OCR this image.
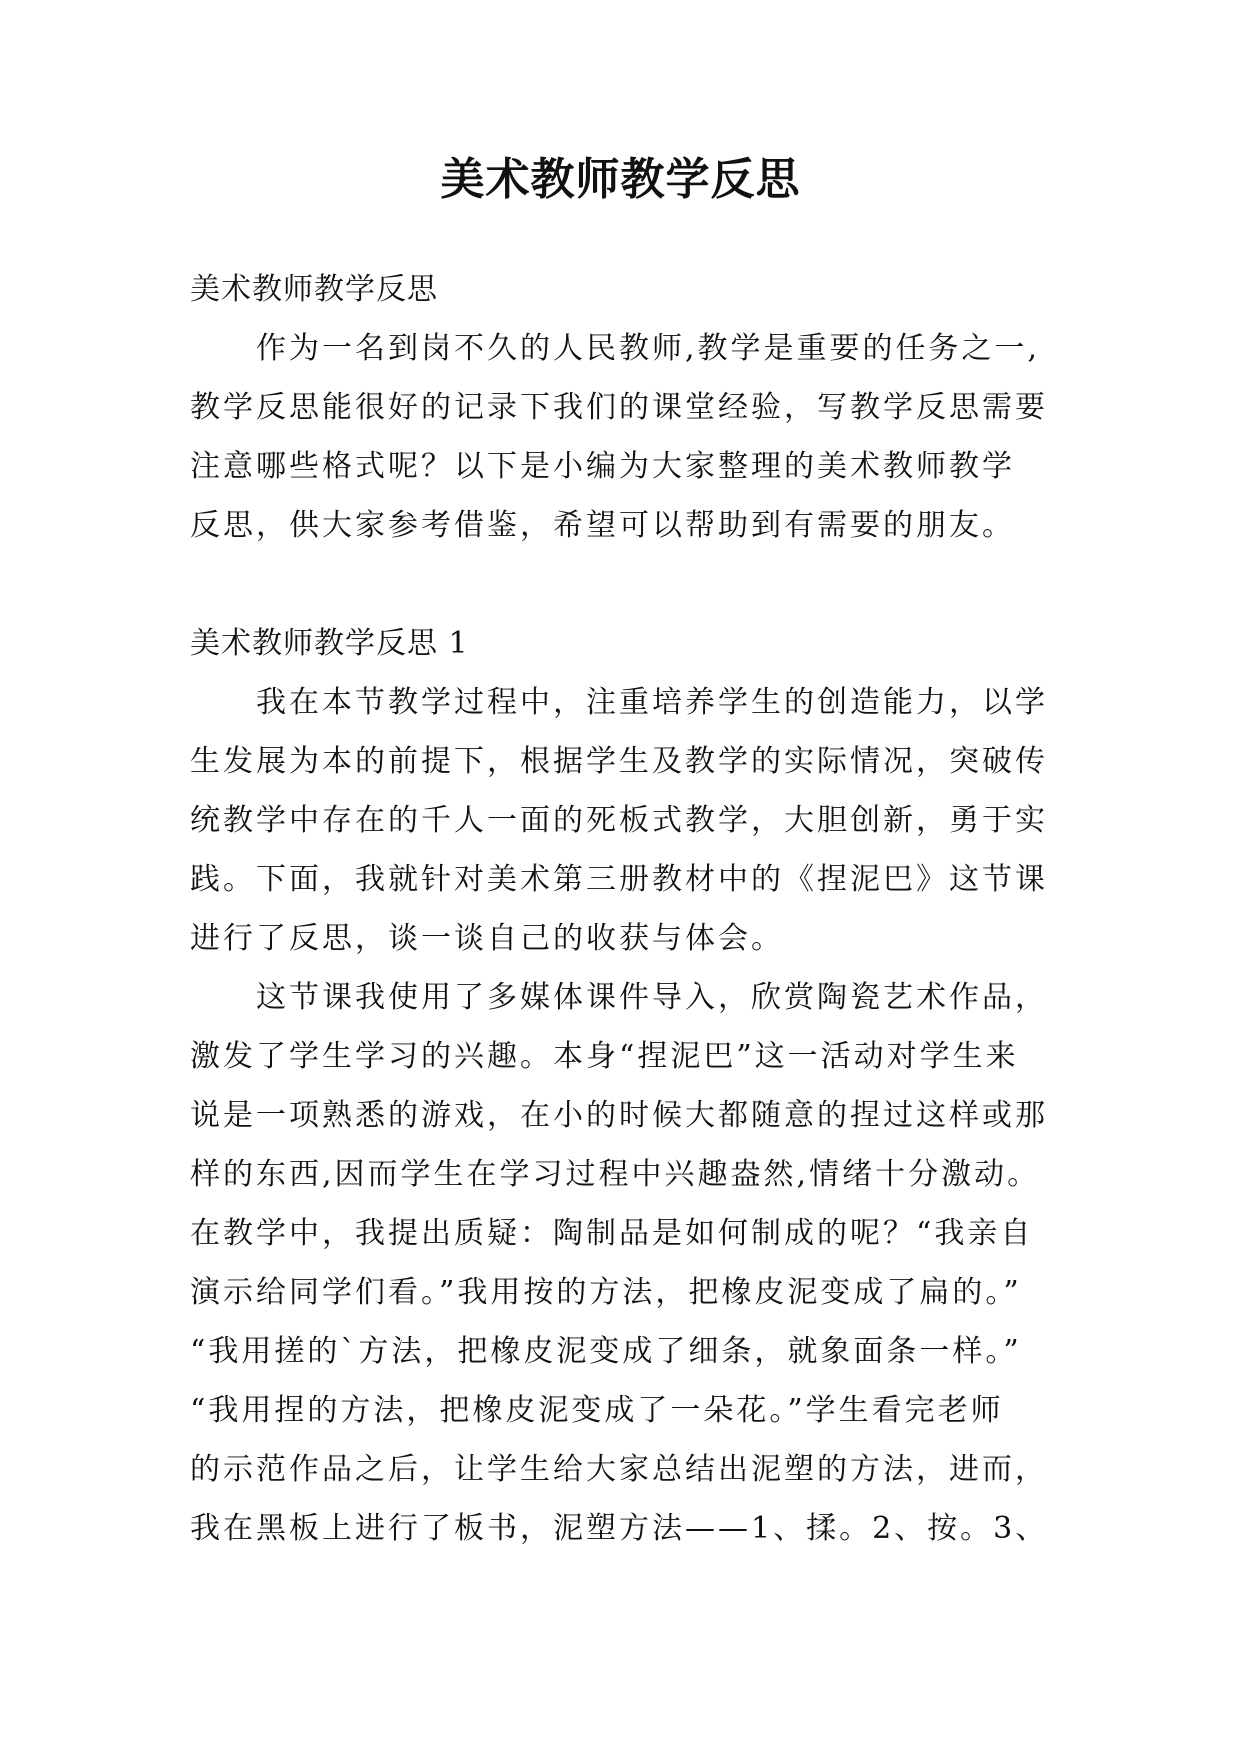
美术教师教学反思

美术教师教学反思

作为一名到岗不久的人民教师,教学是重要的任务之一,

教学反思能很好的记录下我们的课堂经验，写教学反思需要

注意哪些格式呢？以下是小编为大家整理的美术教师教学

反思，供大家参考借鉴，希望可以帮助到有需要的朋友。

美术教师教学反思 1

我在本节教学过程中，注重培养学生的创造能力，以学

生发展为本的前提下，根据学生及教学的实际情况，突破传

统教学中存在的千人一面的死板式教学，大胆创新，勇于实

践。下面，我就针对美术第三册教材中的《捏泥巴》这节课

进行了反思，谈一谈自己的收获与体会。

这节课我使用了多媒体课件导入，欣赏陶瓷艺术作品，

激发了学生学习的兴趣。本身“捏泥巴”这一活动对学生来

说是一项熟悉的游戏，在小的时候大都随意的捏过这样或那

样的东西,因而学生在学习过程中兴趣盎然,情绪十分激动。

在教学中，我提出质疑：陶制品是如何制成的呢？“我亲自

演示给同学们看。”我用按的方法，把橡皮泥变成了扁的。”

“我用搓的`方法，把橡皮泥变成了细条，就象面条一样。”

“我用捏的方法，把橡皮泥变成了一朵花。”学生看完老师

的示范作品之后，让学生给大家总结出泥塑的方法，进而，

我在黑板上进行了板书，泥塑方法——1、揉。2、按。3、
